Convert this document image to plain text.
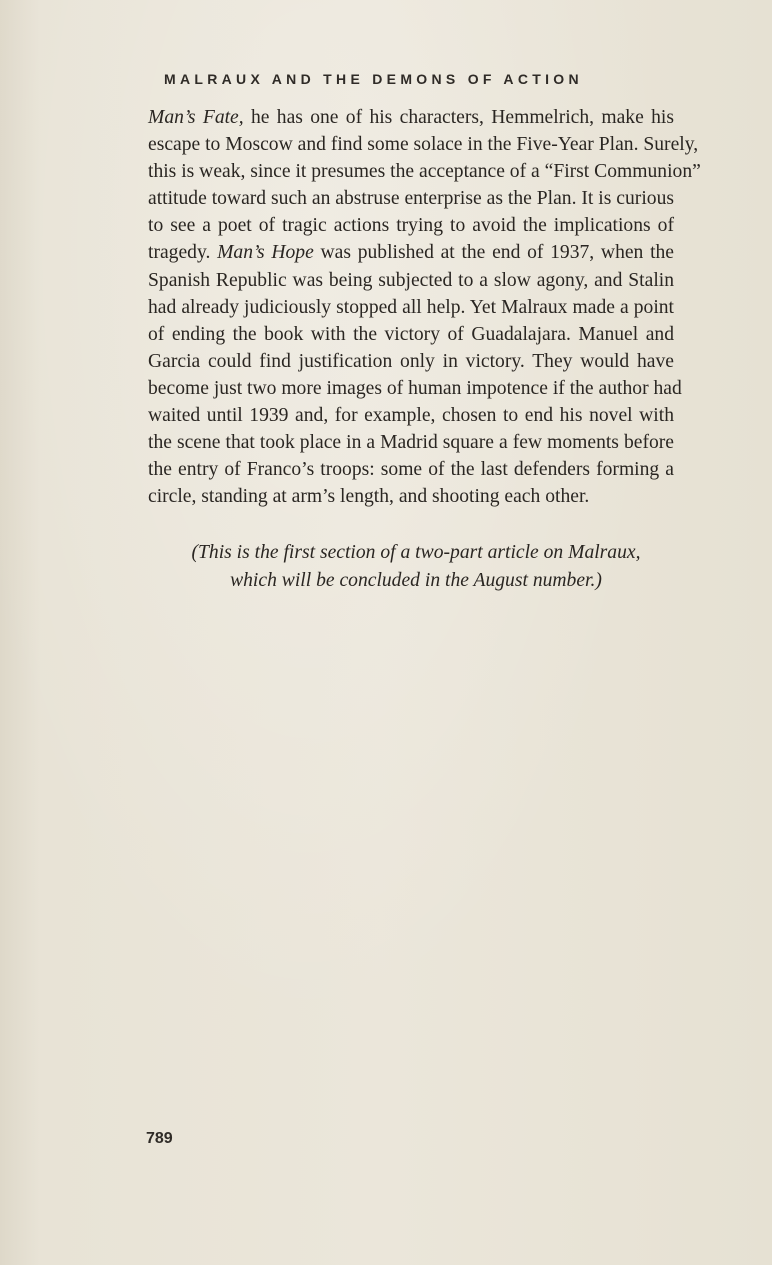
MALRAUX AND THE DEMONS OF ACTION
Man’s Fate, he has one of his characters, Hemmelrich, make his
escape to Moscow and find some solace in the Five-Year Plan. Surely,
this is weak, since it presumes the acceptance of a “First Communion”
attitude toward such an abstruse enterprise as the Plan. It is curious
to see a poet of tragic actions trying to avoid the implications of
tragedy. Man’s Hope was published at the end of 1937, when the
Spanish Republic was being subjected to a slow agony, and Stalin
had already judiciously stopped all help. Yet Malraux made a point
of ending the book with the victory of Guadalajara. Manuel and
Garcia could find justification only in victory. They would have
become just two more images of human impotence if the author had
waited until 1939 and, for example, chosen to end his novel with
the scene that took place in a Madrid square a few moments before
the entry of Franco’s troops: some of the last defenders forming a
circle, standing at arm’s length, and shooting each other.
(This is the first section of a two-part article on Malraux,
which will be concluded in the August number.)
789
